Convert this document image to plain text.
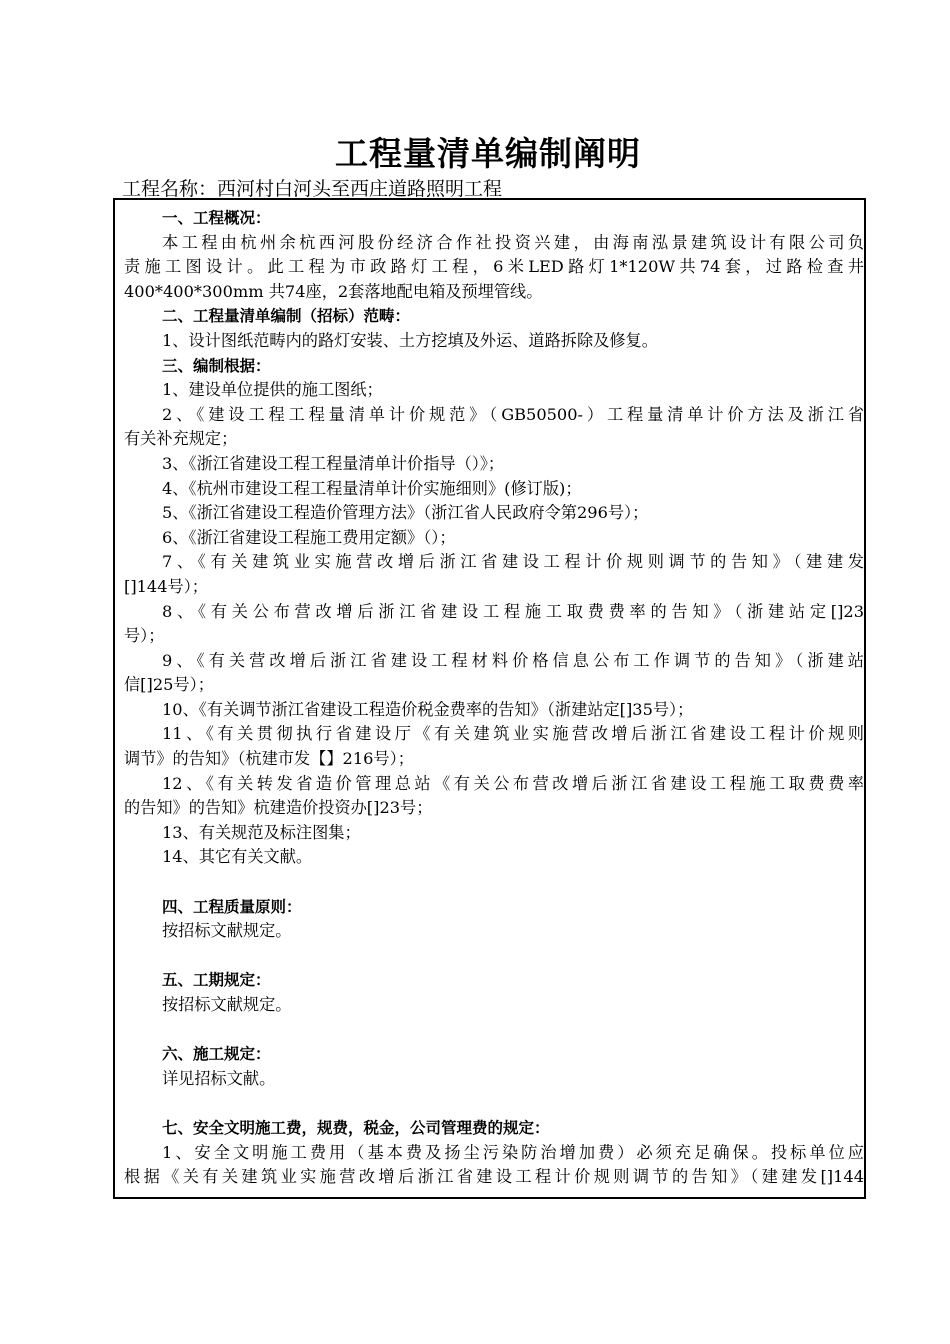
工程量清单编制阐明
工程名称：西河村白河头至西庄道路照明工程
一、工程概况：
本工程由杭州余杭西河股份经济合作社投资兴建，由海南泓景建筑设计有限公司负
责施工图设计。此工程为市政路灯工程，6米LED路灯1*120W共74套，过路检查井
400*400*300mm 共74座，2套落地配电箱及预埋管线。
二、工程量清单编制（招标）范畴：
1、设计图纸范畴内的路灯安装、土方挖填及外运、道路拆除及修复。
三、编制根据：
1、建设单位提供的施工图纸；
2、《建设工程工程量清单计价规范》（GB50500-）工程量清单计价方法及浙江省
有关补充规定；
3、《浙江省建设工程工程量清单计价指导（）》；
4、《杭州市建设工程工程量清单计价实施细则》(修订版)；
5、《浙江省建设工程造价管理方法》（浙江省人民政府令第296号）；
6、《浙江省建设工程施工费用定额》（）；
7、《有关建筑业实施营改增后浙江省建设工程计价规则调节的告知》（建建发
[]144号）；
8、《有关公布营改增后浙江省建设工程施工取费费率的告知》（浙建站定[]23
号）；
9、《有关营改增后浙江省建设工程材料价格信息公布工作调节的告知》（浙建站
信[]25号）；
10、《有关调节浙江省建设工程造价税金费率的告知》（浙建站定[]35号）；
11、《有关贯彻执行省建设厅《有关建筑业实施营改增后浙江省建设工程计价规则
调节》的告知》（杭建市发【】216号）；
12、《有关转发省造价管理总站《有关公布营改增后浙江省建设工程施工取费费率
的告知》的告知》杭建造价投资办[]23号；
13、有关规范及标注图集；
14、其它有关文献。
四、工程质量原则：
按招标文献规定。
五、工期规定：
按招标文献规定。
六、施工规定：
详见招标文献。
七、安全文明施工费，规费，税金，公司管理费的规定：
1、安全文明施工费用（基本费及扬尘污染防治增加费）必须充足确保。投标单位应
根据《关有关建筑业实施营改增后浙江省建设工程计价规则调节的告知》（建建发[]144
